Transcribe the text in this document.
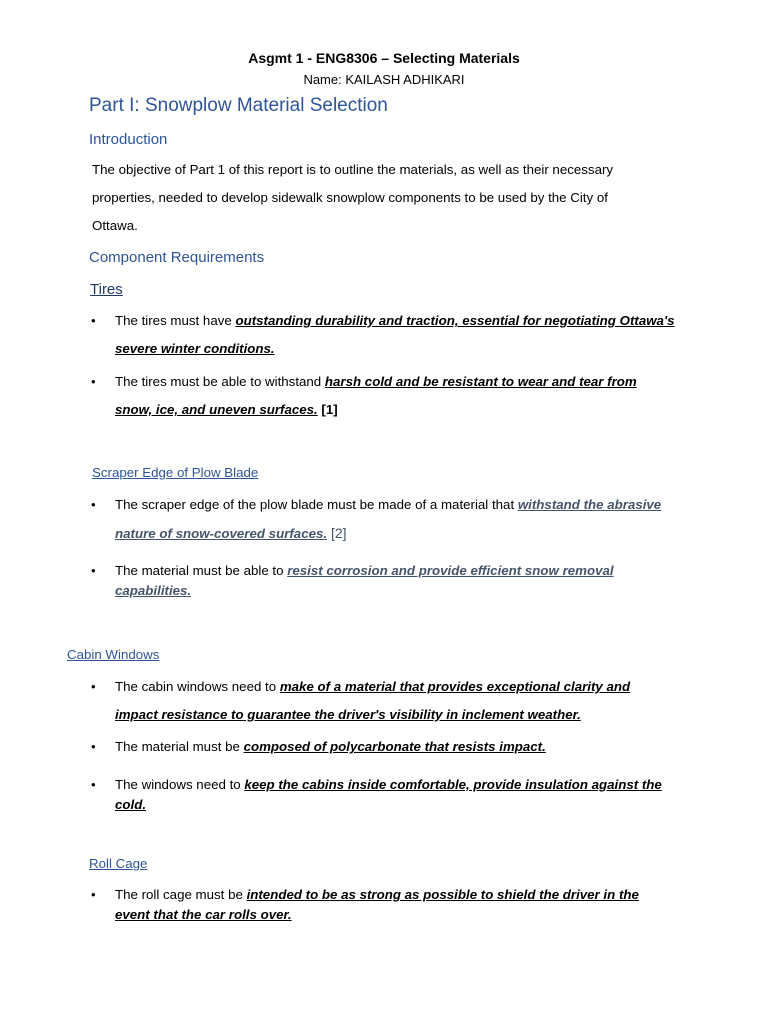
Asgmt 1 - ENG8306 – Selecting Materials
Name: KAILASH ADHIKARI
Part I: Snowplow Material Selection
Introduction
The objective of Part 1 of this report is to outline the materials, as well as their necessary properties, needed to develop sidewalk snowplow components to be used by the City of Ottawa.
Component Requirements
Tires
•	The tires must have outstanding durability and traction, essential for negotiating Ottawa's severe winter conditions.
•	The tires must be able to withstand harsh cold and be resistant to wear and tear from snow, ice, and uneven surfaces. [1]
Scraper Edge of Plow Blade
•	The scraper edge of the plow blade must be made of a material that withstand the abrasive nature of snow-covered surfaces. [2]
•	The material must be able to resist corrosion and provide efficient snow removal capabilities.
Cabin Windows
•	The cabin windows need to make of a material that provides exceptional clarity and impact resistance to guarantee the driver's visibility in inclement weather.
•	The material must be composed of polycarbonate that resists impact.
•	The windows need to keep the cabins inside comfortable, provide insulation against the cold.
Roll Cage
•	The roll cage must be intended to be as strong as possible to shield the driver in the event that the car rolls over.
